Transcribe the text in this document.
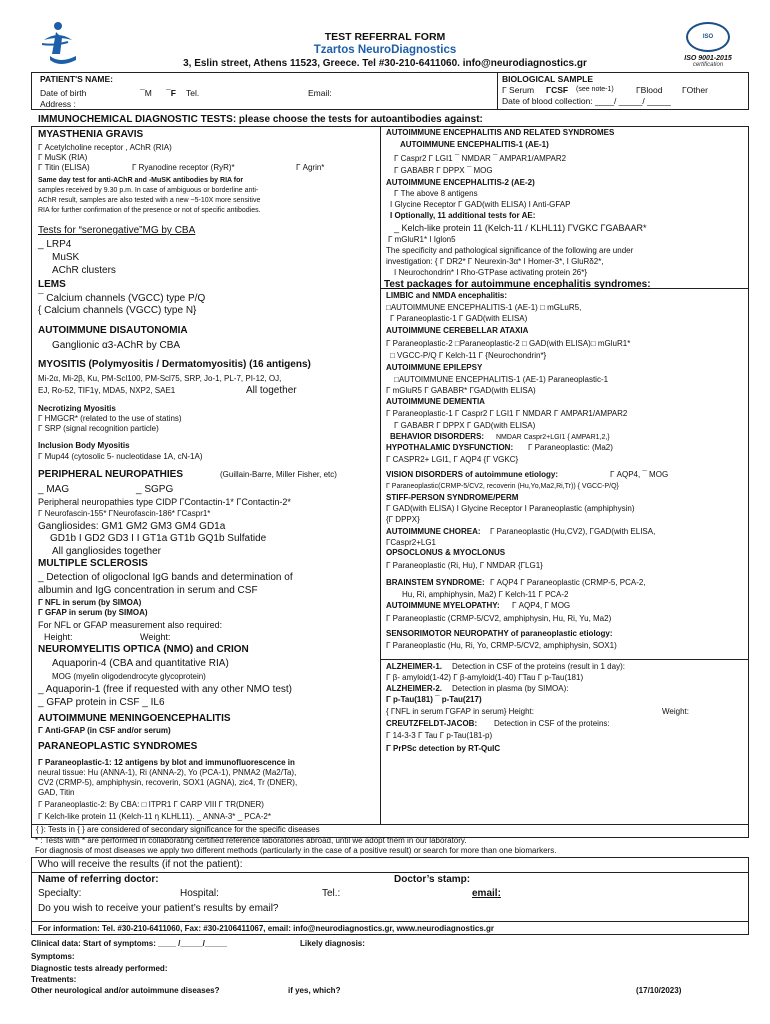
ISO
ISO 9001-2015
certification
TEST REFERRAL FORM
Tzartos NeuroDiagnostics
3, Eslin street, Athens 11523, Greece. Tel #30-210-6411060. info@neurodiagnostics.gr
PATIENT'S NAME:
Date of birth	¯M ¯F Tel.	Email:
Address :
BIOLOGICAL SAMPLE
Γ Serum ΓCSF (see note-1)	ΓBlood ΓOther
Date of blood collection: ____/ _____/ _____
IMMUNOCHEMICAL DIAGNOSTIC TESTS: please choose the tests for autoantibodies against:
MYASTHENIA GRAVIS
Γ Acetylcholine receptor , AChR (RIA)
Γ MuSK (RIA)
Γ Titin (ELISA)	Γ Ryanodine receptor (RyR)*	Γ Agrin*
Same day test for anti-AChR and -MuSK antibodies by RIA for
samples received by 9.30 p.m. In case of ambiguous or borderline anti-
AChR result, samples are also tested with a new ~5-10X more sensitive
RIA for further confirmation of the presence or not of specific antibodies.
Tests for “seronegative”MG by CBA
_ LRP4
MuSK
AChR clusters
LEMS
¯ Calcium channels (VGCC) type P/Q
{ Calcium channels (VGCC) type N}
AUTOIMMUNE DISAUTONOMIA
Ganglionic α3-AChR by CBA
MYOSITIS (Polymyositis / Dermatomyositis) (16 antigens)
Mi-2α, Mi-2β, Ku, PM-Scl100, PM-Scl75, SRP, Jo-1, PL-7, PI-12, OJ,
EJ, Ro-52, TIF1γ, MDA5, NXP2, SAE1	All together
Necrotizing Myositis
Γ HMGCR* (related to the use of statins)
Γ SRP (signal recognition particle)
Inclusion Body Myositis
Γ Mup44 (cytosolic 5- nucleotidase 1A, cN-1A)
PERIPHERAL NEUROPATHIES	(Guillain-Barre, Miller Fisher, etc)
_ MAG	_ SGPG
Peripheral neuropathies type CIDP ΓContactin-1* ΓContactin-2*
Γ Neurofascin-155* ΓNeurofascin-186* ΓCaspr1*
Gangliosides: GM1 GM2 GM3 GM4 GD1a
GD1b I GD2 GD3 I I GT1a GT1b GQ1b Sulfatide
All gangliosides together
MULTIPLE SCLEROSIS
_ Detection of oligoclonal IgG bands and determination of
albumin and IgG concentration in serum and CSF
Γ NFL in serum (by SIMOA)
Γ GFAP in serum (by SIMOA)
For NFL or GFAP measurement also required:
Height:	Weight:
NEUROMYELITIS OPTICA (NMO) and CRION
Aquaporin-4 (CBA and quantitative RIA)
MOG (myelin oligodendrocyte glycoprotein)
_ Aquaporin-1 (free if requested with any other NMO test)
_ GFAP protein in CSF _ IL6
AUTOIMMUNE MENINGOENCEPHALITIS
Γ Anti-GFAP (in CSF and/or serum)
PARANEOPLASTIC SYNDROMES
Γ Paraneoplastic-1: 12 antigens by blot and immunofluorescence in
neural tissue: Hu (ANNA-1), Ri (ANNA-2), Yo (PCA-1), PNMA2 (Ma2/Ta),
CV2 (CRMP-5), amphiphysin, recoverin, SOX1 (AGNA), zic4, Tr (DNER),
GAD, Titin
Γ Paraneoplastic-2: By CBA: □ ITPR1 Γ CARP VIII Γ TR(DNER)
Γ Kelch-like protein 11 (Kelch-11 η KLHL11). _ ANNA-3* _ PCA-2*
AUTOIMMUNE ENCEPHALITIS AND RELATED SYNDROMES
AUTOIMMUNE ENCEPHALITIS-1 (AE-1)
Γ Caspr2 Γ LGI1 ¯ NMDAR ¯ AMPAR1/AMPAR2
Γ GABAΒR Γ DPPX ¯ MOG
AUTOIMMUNE ENCEPHALITIS-2 (AE-2)
Γ The above 8 antigens
I Glycine Receptor Γ GAD(with ELISA) I Anti-GFAP
I Optionally, 11 additional tests for AE:
_ Kelch-like protein 11 (Kelch-11 / KLHL11) ΓVGKC ΓGABAΑR*
Γ mGluR1* I Iglon5
The specificity and pathological significance of the following are under
investigation: { Γ DR2* Γ Neurexin-3α* I Homer-3*, I GluRδ2*,
I Neurochondrin* I Rho-GTPase activating protein 26*}
Test packages for autoimmune encephalitis syndromes:
LIMBIC and NMDA encephalitis:
□AUTOIMMUNE ENCEPHALITIS-1 (AE-1) □ mGLuR5,
Γ Paraneoplastic-1 Γ GAD(with ELISA)
AUTOIMMUNE CEREBELLAR ATAXIA
Γ Paraneoplastic-2 □Paraneoplastic-2 □ GAD(with ELISA)□ mGluR1*
□ VGCC-P/Q Γ Kelch-11 Γ {Neurochondrin*}
AUTOIMMUNE EPILEPSY
□AUTOIMMUNE ENCEPHALITIS-1 (AE-1) Paraneoplastic-1
Γ mGluR5 Γ GABAΒR* ΓGAD(with ELISA)
AUTOIMMUNE DEMENTIA
Γ Paraneoplastic-1 Γ Caspr2 Γ LGI1 Γ NMDAR Γ AMPAR1/AMPAR2
Γ GABAΒR Γ DPPX Γ GAD(with ELISA)
BEHAVIOR DISORDERS: NMDAR Caspr2+LGI1 { AMPAR1,2,}
HYPOTHALAMIC DYSFUNCTION: Γ Paraneoplastic: (Ma2)
Γ CASPR2+ LGI1, Γ AQP4 {Γ VGKC}
VISION DISORDERS of autoimmune etiology:	Γ AQP4, ¯ MOG
Γ Paraneoplastic(CRMP-5/CV2, recoverin (Hu,Yo,Ma2,Ri,Tr)) { VGCC-P/Q}
STIFF-PERSON SYNDROME/PERM
Γ GAD(with ELISA) I Glycine Receptor I Paraneoplastic (amphiphysin)
{Γ DPPX}
AUTOIMMUNE CHOREA: Γ Paraneoplastic (Hu,CV2), ΓGAD(with ELISA,
ΓCaspr2+LG1
OPSOCLONUS & MYOCLONUS
Γ Paraneoplastic (Ri, Hu), Γ NMDAR {ΓLG1}
BRAINSTEM SYNDROME: Γ AQP4 Γ Paraneoplastic (CRMP-5, PCA-2,
Hu, Ri, amphiphysin, Ma2) Γ Kelch-11 Γ PCA-2
AUTOIMMUNE MYELOPATHY: Γ AQP4, Γ MOG
Γ Paraneoplastic (CRMP-5/CV2, amphiphysin, Hu, Ri, Yu, Ma2)
SENSORIMOTOR NEUROPATHY of paraneoplastic etiology:
Γ Paraneoplastic (Hu, Ri, Yo, CRMP-5/CV2, amphiphysin, SOX1)
ALZHEIMER-1. Detection in CSF of the proteins (result in 1 day):
Γ β- amyloid(1-42) Γ β-amyloid(1-40) ΓTau Γ p-Tau(181)
ALZHEIMER-2. Detection in plasma (by SIMOA):
Γ p-Tau(181) ¯ p-Tau(217)
{ ΓNFL in serum ΓGFAP in serum} Height:	Weight:
CREUTZFELDT-JACOB: Detection in CSF of the proteins:
Γ 14-3-3 Γ Tau Γ p-Tau(181-p)
Γ PrPSc detection by RT-QuIC
{ }: Tests in { } are considered of secondary significance for the specific diseases
* : Tests with * are performed in collaborating certified reference laboratories abroad, until we adopt them in our laboratory.
For diagnosis of most diseases we apply two different methods (particularly in the case of a positive result) or search for more than one biomarkers.
Who will receive the results (if not the patient):
Name of referring doctor:	Doctor’s stamp:
Specialty:	Hospital:	Tel.:	email:
Do you wish to receive your patient’s results by email?
For information: Tel. #30-210-6411060, Fax: #30-2106411067, email: info@neurodiagnostics.gr, www.neurodiagnostics.gr
Clinical data: Start of symptoms: ____ /_____/_____	Likely diagnosis:
Symptoms:
Diagnostic tests already performed:
Treatments:
Other neurological and/or autoimmune diseases?	if yes, which?	(17/10/2023)
